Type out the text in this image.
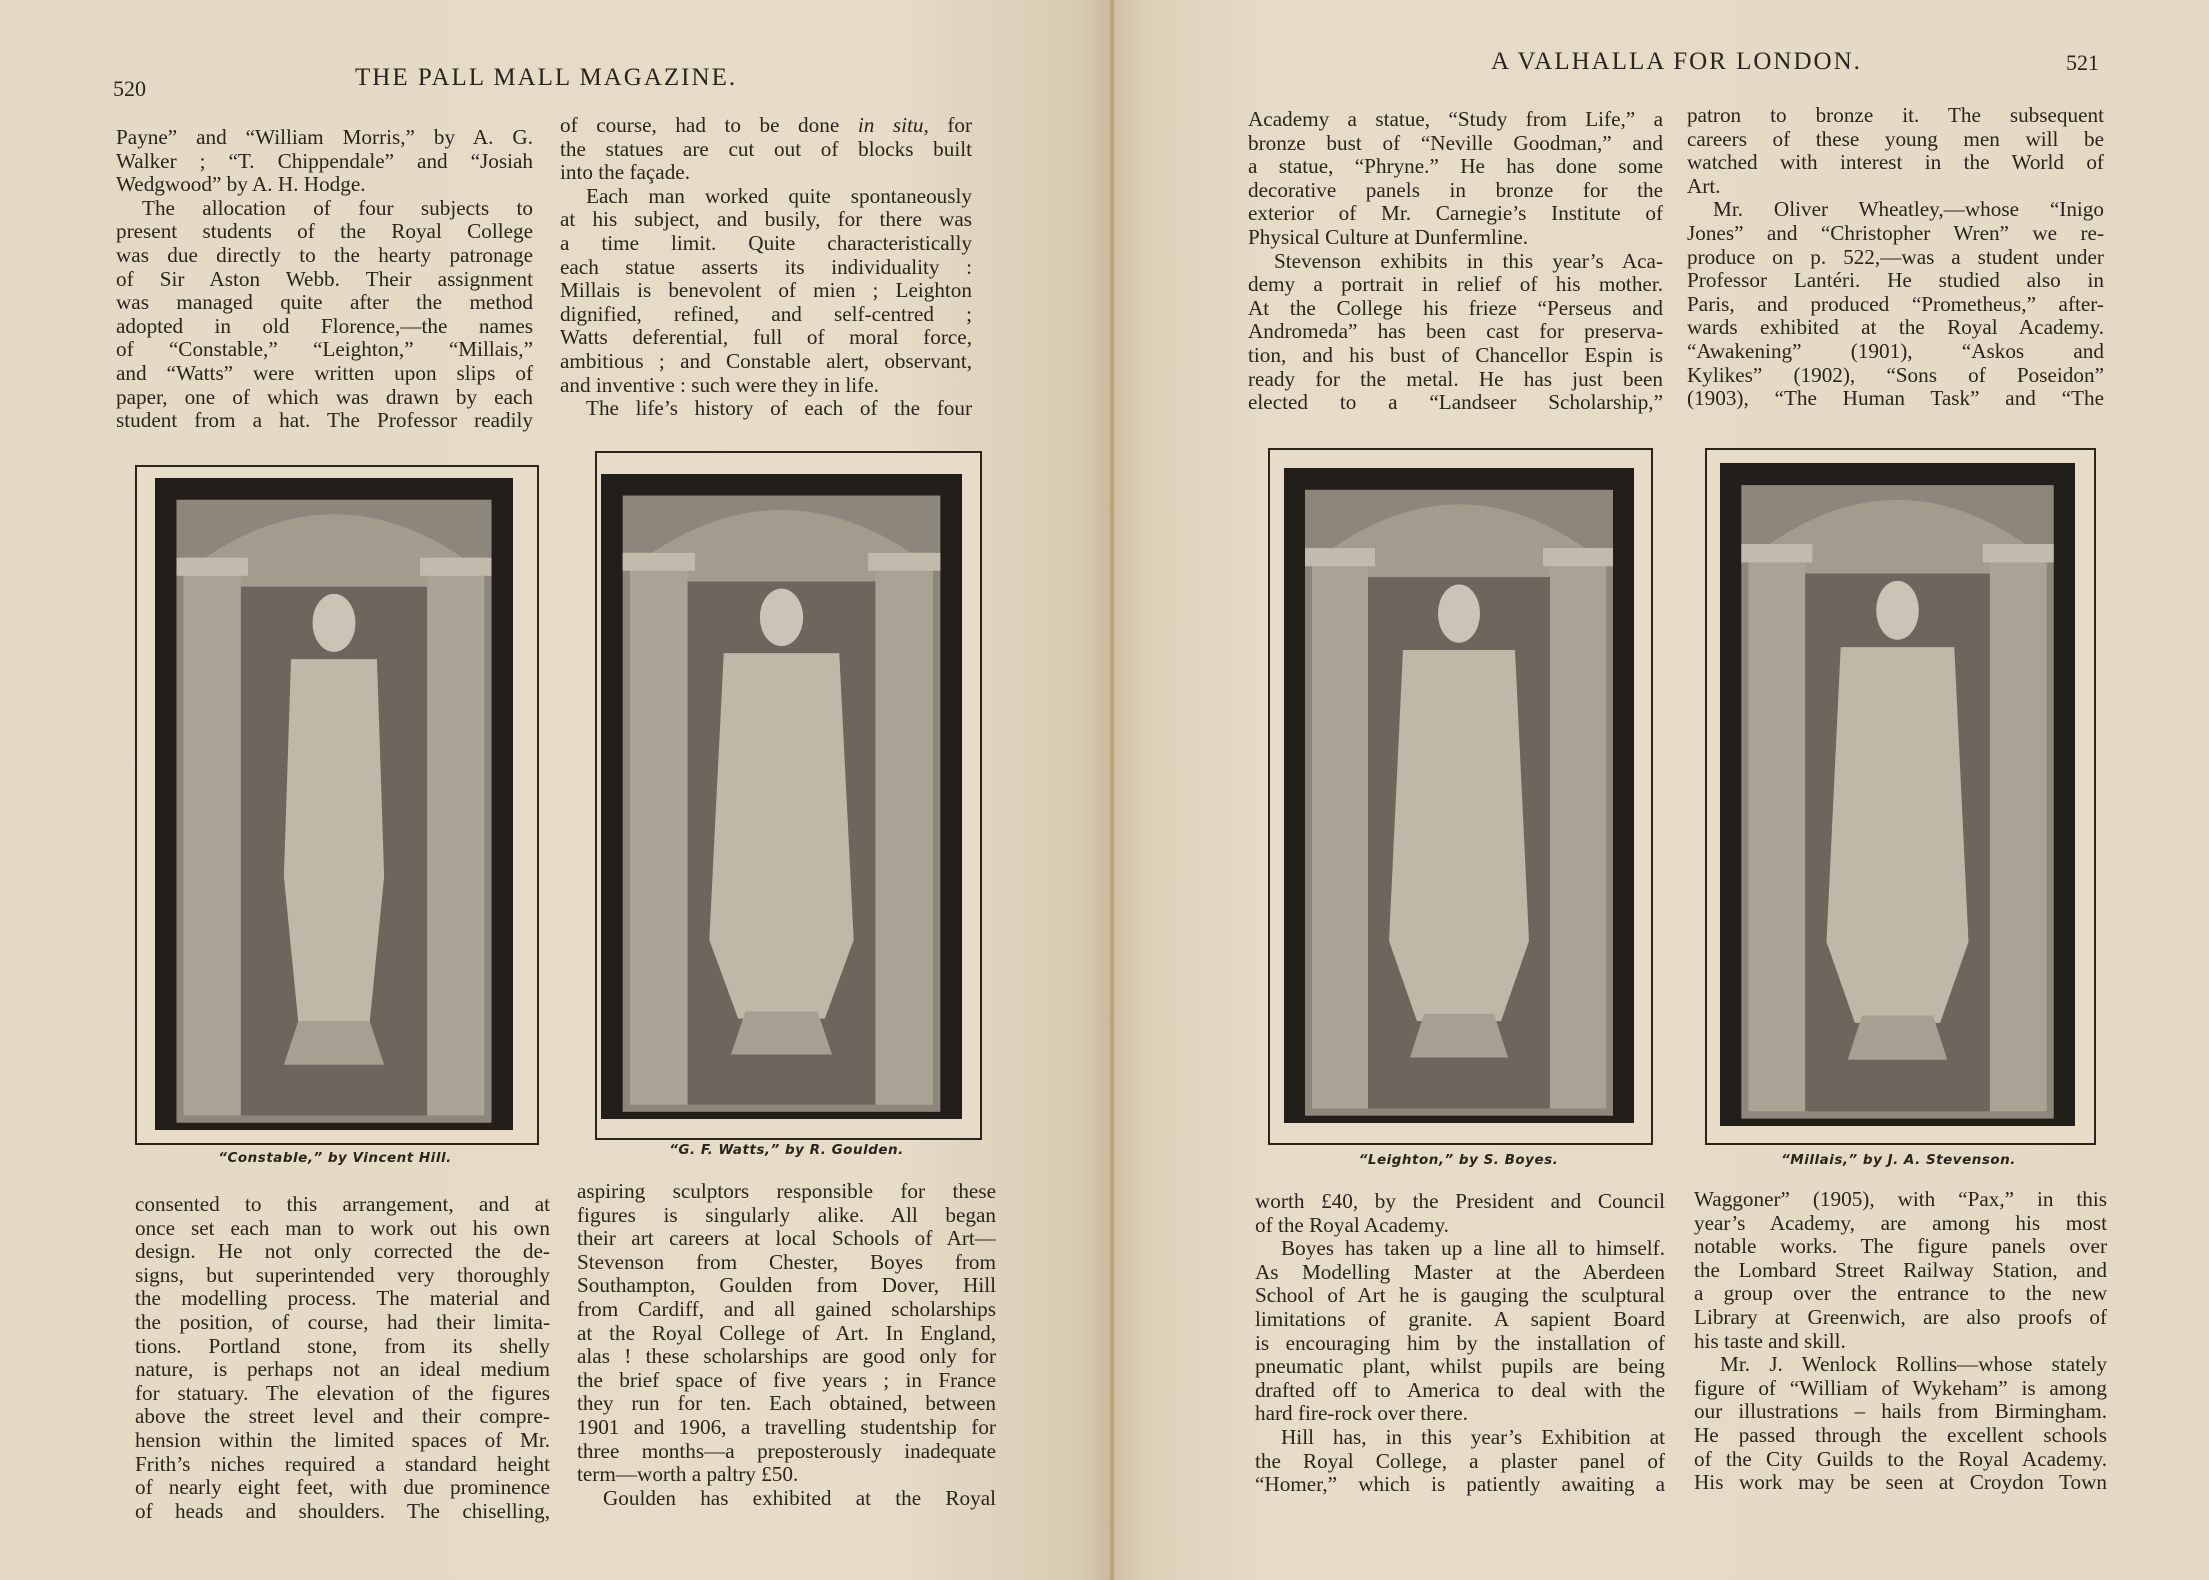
520	THE PALL MALL MAGAZINE.
Payne” and “William Morris,” by A. G.
Walker ; “T. Chippendale” and “Josiah
Wedgwood” by A. H. Hodge.
The allocation of four subjects to
present students of the Royal College
was due directly to the hearty patronage
of Sir Aston Webb. Their assignment
was managed quite after the method
adopted in old Florence,—the names
of “Constable,” “Leighton,” “Millais,”
and “Watts” were written upon slips of
paper, one of which was drawn by each
student from a hat. The Professor readily
of course, had to be done in situ, for
the statues are cut out of blocks built
into the façade.
Each man worked quite spontaneously
at his subject, and busily, for there was
a time limit. Quite characteristically
each statue asserts its individuality :
Millais is benevolent of mien ; Leighton
dignified, refined, and self-centred ;
Watts deferential, full of moral force,
ambitious ; and Constable alert, observant,
and inventive : such were they in life.
The life’s history of each of the four
“Constable,” by Vincent Hill.	“G. F. Watts,” by R. Goulden.
consented to this arrangement, and at
once set each man to work out his own
design. He not only corrected the de-
signs, but superintended very thoroughly
the modelling process. The material and
the position, of course, had their limita-
tions. Portland stone, from its shelly
nature, is perhaps not an ideal medium
for statuary. The elevation of the figures
above the street level and their compre-
hension within the limited spaces of Mr.
Frith’s niches required a standard height
of nearly eight feet, with due prominence
of heads and shoulders. The chiselling,
aspiring sculptors responsible for these
figures is singularly alike. All began
their art careers at local Schools of Art—
Stevenson from Chester, Boyes from
Southampton, Goulden from Dover, Hill
from Cardiff, and all gained scholarships
at the Royal College of Art. In England,
alas ! these scholarships are good only for
the brief space of five years ; in France
they run for ten. Each obtained, between
1901 and 1906, a travelling studentship for
three months—a preposterously inadequate
term—worth a paltry £50.
Goulden has exhibited at the Royal
A VALHALLA FOR LONDON.	521
Academy a statue, “Study from Life,” a
bronze bust of “Neville Goodman,” and
a statue, “Phryne.” He has done some
decorative panels in bronze for the
exterior of Mr. Carnegie’s Institute of
Physical Culture at Dunfermline.
Stevenson exhibits in this year’s Aca-
demy a portrait in relief of his mother.
At the College his frieze “Perseus and
Andromeda” has been cast for preserva-
tion, and his bust of Chancellor Espin is
ready for the metal. He has just been
elected to a “Landseer Scholarship,”
patron to bronze it. The subsequent
careers of these young men will be
watched with interest in the World of
Art.
Mr. Oliver Wheatley,—whose “Inigo
Jones” and “Christopher Wren” we re-
produce on p. 522,—was a student under
Professor Lantéri. He studied also in
Paris, and produced “Prometheus,” after-
wards exhibited at the Royal Academy.
“Awakening” (1901), “Askos and
Kylikes” (1902), “Sons of Poseidon”
(1903), “The Human Task” and “The
“Leighton,” by S. Boyes.	“Millais,” by J. A. Stevenson.
worth £40, by the President and Council
of the Royal Academy.
Boyes has taken up a line all to himself.
As Modelling Master at the Aberdeen
School of Art he is gauging the sculptural
limitations of granite. A sapient Board
is encouraging him by the installation of
pneumatic plant, whilst pupils are being
drafted off to America to deal with the
hard fire-rock over there.
Hill has, in this year’s Exhibition at
the Royal College, a plaster panel of
“Homer,” which is patiently awaiting a
Waggoner” (1905), with “Pax,” in this
year’s Academy, are among his most
notable works. The figure panels over
the Lombard Street Railway Station, and
a group over the entrance to the new
Library at Greenwich, are also proofs of
his taste and skill.
Mr. J. Wenlock Rollins—whose stately
figure of “William of Wykeham” is among
our illustrations – hails from Birmingham.
He passed through the excellent schools
of the City Guilds to the Royal Academy.
His work may be seen at Croydon Town
